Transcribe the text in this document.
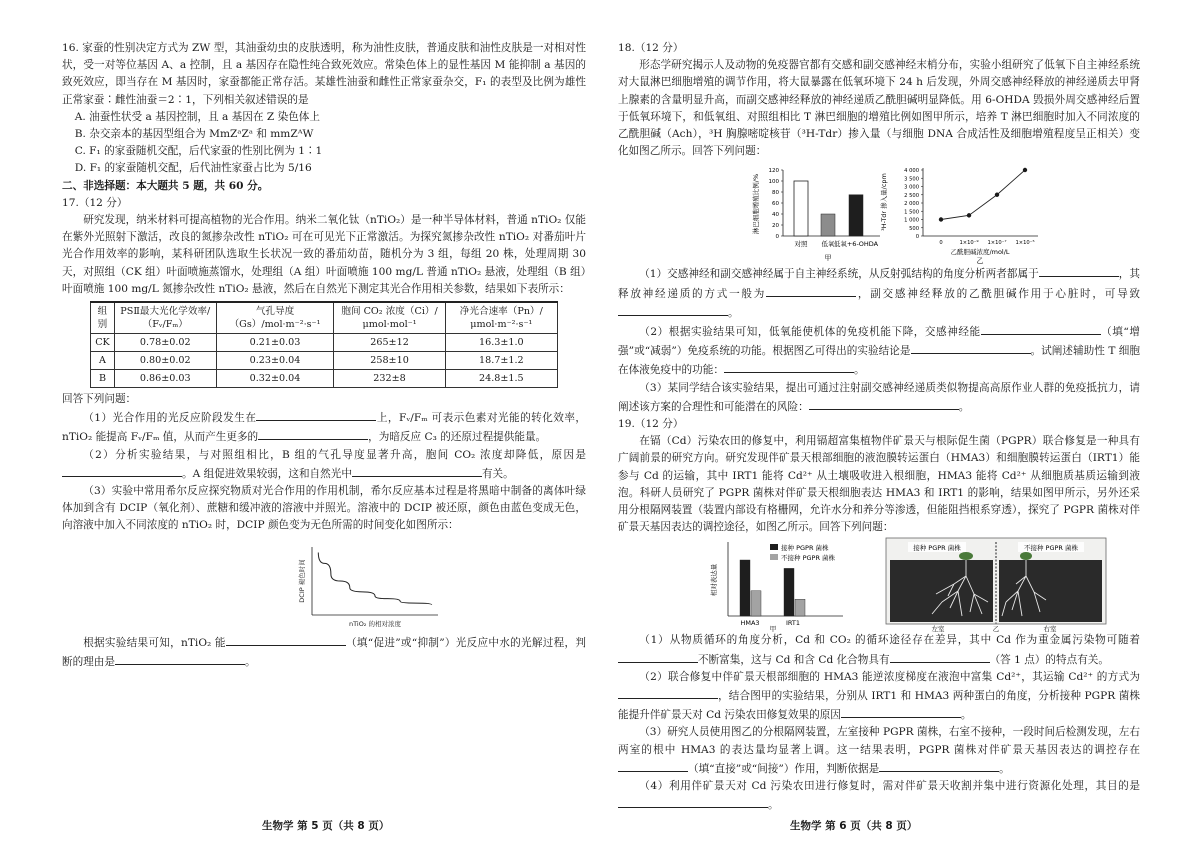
16. 家蚕的性别决定方式为 ZW 型，其油蚕幼虫的皮肤透明，称为油性皮肤，普通皮肤和油性皮肤是一对相对性状，受一对等位基因 A、a 控制，且 a 基因存在隐性纯合致死效应。常染色体上的显性基因 M 能抑制 a 基因的致死效应，即当存在 M 基因时，家蚕都能正常存活。某雄性油蚕和雌性正常家蚕杂交，F₁ 的表型及比例为雄性正常家蚕∶雌性油蚕＝2∶1，下列相关叙述错误的是

A. 油蚕性状受 a 基因控制，且 a 基因在 Z 染色体上

B. 杂交亲本的基因型组合为 MmZᵃZᵃ 和 mmZᴬW

C. F₁ 的家蚕随机交配，后代家蚕的性别比例为 1∶1

D. F₁ 的家蚕随机交配，后代油性家蚕占比为 5/16

二、非选择题：本大题共 5 题，共 60 分。

17.（12 分）

研究发现，纳米材料可提高植物的光合作用。纳米二氧化钛（nTiO₂）是一种半导体材料，普通 nTiO₂ 仅能在紫外光照射下激活，改良的氮掺杂改性 nTiO₂ 可在可见光下正常激活。为探究氮掺杂改性 nTiO₂ 对番茄叶片光合作用效率的影响，某科研团队选取生长状况一致的番茄幼苗，随机分为 3 组，每组 20 株，处理周期 30 天，对照组（CK 组）叶面喷施蒸馏水，处理组（A 组）叶面喷施 100 mg/L 普通 nTiO₂ 悬液，处理组（B 组）叶面喷施 100 mg/L 氮掺杂改性 nTiO₂ 悬液，然后在自然光下测定其光合作用相关参数，结果如下表所示：

组别	PSⅡ最大光化学效率/（Fᵥ/Fₘ）	气孔导度（Gs）/mol·m⁻²·s⁻¹	胞间 CO₂ 浓度（Ci）/μmol·mol⁻¹	净光合速率（Pn）/μmol·m⁻²·s⁻¹
CK	0.78±0.02	0.21±0.03	265±12	16.3±1.0
A	0.80±0.02	0.23±0.04	258±10	18.7±1.2
B	0.86±0.03	0.32±0.04	232±8	24.8±1.5

回答下列问题：

（1）光合作用的光反应阶段发生在	上，Fᵥ/Fₘ 可表示色素对光能的转化效率，nTiO₂ 能提高 Fᵥ/Fₘ 值，从而产生更多的	，为暗反应 C₃ 的还原过程提供能量。

（2）分析实验结果，与对照组相比，B 组的气孔导度显著升高，胞间 CO₂ 浓度却降低，原因是。A 组促进效果较弱，这和自然光中	有关。

（3）实验中常用希尔反应探究物质对光合作用的作用机制，希尔反应基本过程是将黑暗中制备的离体叶绿体加到含有 DCIP（氧化剂）、蔗糖和缓冲液的溶液中并照光。溶液中的 DCIP 被还原，颜色由蓝色变成无色，向溶液中加入不同浓度的 nTiO₂ 时，DCIP 颜色变为无色所需的时间变化如图所示：

DCIP 褪色时间
nTiO₂ 的相对浓度

根据实验结果可知，nTiO₂ 能	（填“促进”或“抑制”）光反应中水的光解过程，判断的理由是	。

18.（12 分）

形态学研究揭示人及动物的免疫器官都有交感和副交感神经末梢分布，实验小组研究了低氧下自主神经系统对大鼠淋巴细胞增殖的调节作用，将大鼠暴露在低氧环境下 24 h 后发现，外周交感神经释放的神经递质去甲肾上腺素的含量明显升高，而副交感神经释放的神经递质乙酰胆碱明显降低。用 6-OHDA 毁损外周交感神经后置于低氧环境下，和低氧组、对照组相比 T 淋巴细胞的增殖比例如图甲所示，培养 T 淋巴细胞时加入不同浓度的乙酰胆碱（Ach），³H 胸腺嘧啶核苷（³H-Tdr）掺入量（与细胞 DNA 合成活性及细胞增殖程度呈正相关）变化如图乙所示。回答下列问题：

120
100
80
60
40
20
0
对照 低氧 低氧+6-OHDA
淋巴细胞增殖比例/%
甲
4 000
3 500
3 000
2 500
2 000
1 500
1 000
500
0
0	1×10⁻⁹ 1×10⁻⁷ 1×10⁻⁵
³H-Tdr 掺入量/cpm
乙酰胆碱浓度/mol/L
乙

（1）交感神经和副交感神经属于自主神经系统，从反射弧结构的角度分析两者都属于	，其释放神经递质的方式一般为	，副交感神经释放的乙酰胆碱作用于心脏时，可导致。

（2）根据实验结果可知，低氧能使机体的免疫机能下降，交感神经能	（填“增强”或“减弱”）免疫系统的功能。根据图乙可得出的实验结论是	。试阐述辅助性 T 细胞在体液免疫中的功能：	。

（3）某同学结合该实验结果，提出可通过注射副交感神经递质类似物提高高原作业人群的免疫抵抗力，请阐述该方案的合理性和可能潜在的风险：	。

19.（12 分）

在镉（Cd）污染农田的修复中，利用镉超富集植物伴矿景天与根际促生菌（PGPR）联合修复是一种具有广阔前景的研究方向。研究发现伴矿景天根部细胞的液泡膜转运蛋白（HMA3）和细胞膜转运蛋白（IRT1）能参与 Cd 的运输，其中 IRT1 能将 Cd²⁺ 从土壤吸收进入根细胞，HMA3 能将 Cd²⁺ 从细胞质基质运输到液泡。科研人员研究了 PGPR 菌株对伴矿景天根细胞表达 HMA3 和 IRT1 的影响，结果如图甲所示，另外还采用分根隔网装置（装置内部设有格栅网，允许水分和养分等渗透，但能阻挡根系穿透），探究了 PGPR 菌株对伴矿景天基因表达的调控途径，如图乙所示。回答下列问题：

相对表达量
接种 PGPR 菌株
不接种 PGPR 菌株
HMA3	IRT1
甲
接种 PGPR 菌株	不接种 PGPR 菌株
左室	右室
乙

（1）从物质循环的角度分析，Cd 和 CO₂ 的循环途径存在差异，其中 Cd 作为重金属污染物可随着不断富集，这与 Cd 和含 Cd 化合物具有	（答 1 点）的特点有关。

（2）联合修复中伴矿景天根部细胞的 HMA3 能逆浓度梯度在液泡中富集 Cd²⁺，其运输 Cd²⁺ 的方式为，结合图甲的实验结果，分别从 IRT1 和 HMA3 两种蛋白的角度，分析接种 PGPR 菌株能提升伴矿景天对 Cd 污染农田修复效果的原因	。

（3）研究人员使用图乙的分根隔网装置，左室接种 PGPR 菌株，右室不接种，一段时间后检测发现，左右两室的根中 HMA3 的表达量均显著上调。这一结果表明，PGPR 菌株对伴矿景天基因表达的调控存在（填“直接”或“间接”）作用，判断依据是	。

（4）利用伴矿景天对 Cd 污染农田进行修复时，需对伴矿景天收割并集中进行资源化处理，其目的是。

生物学 第 5 页（共 8 页）	生物学 第 6 页（共 8 页）
